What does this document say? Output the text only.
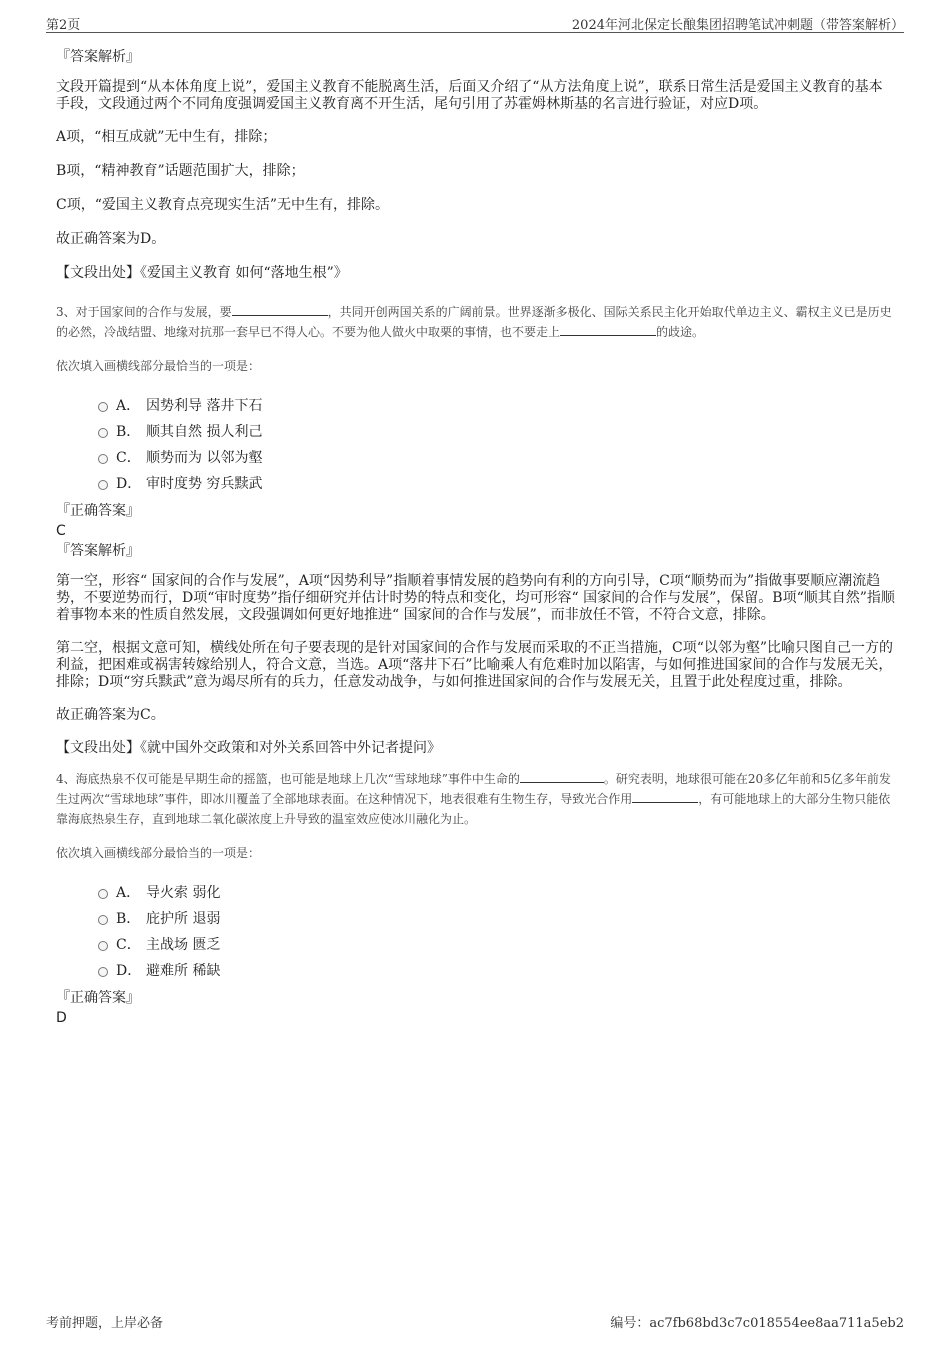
第2页	2024年河北保定长酿集团招聘笔试冲刺题（带答案解析）
『答案解析』

文段开篇提到“从本体角度上说”，爱国主义教育不能脱离生活，后面又介绍了“从方法角度上说”，联系日常生活是爱国主义教育的基本手段，文段通过两个不同角度强调爱国主义教育离不开生活，尾句引用了苏霍姆林斯基的名言进行验证，对应D项。

A项，“相互成就”无中生有，排除；

B项，“精神教育”话题范围扩大，排除；

C项，“爱国主义教育点亮现实生活”无中生有，排除。

故正确答案为D。

【文段出处】《爱国主义教育 如何“落地生根”》

3、对于国家间的合作与发展，要	，共同开创两国关系的广阔前景。世界逐渐多极化、国际关系民主化开始取代单边主义、霸权主义已是历史的必然，冷战结盟、地缘对抗那一套早已不得人心。不要为他人做火中取栗的事情，也不要走上	的歧途。

依次填入画横线部分最恰当的一项是：

A． 因势利导 落井下石
B． 顺其自然 损人利己
C． 顺势而为 以邻为壑
D． 审时度势 穷兵黩武
『正确答案』
C
『答案解析』

第一空，形容“ 国家间的合作与发展”，A项“因势利导”指顺着事情发展的趋势向有利的方向引导，C项“顺势而为”指做事要顺应潮流趋势，不要逆势而行，D项“审时度势”指仔细研究并估计时势的特点和变化，均可形容“ 国家间的合作与发展”，保留。B项“顺其自然”指顺着事物本来的性质自然发展，文段强调如何更好地推进“ 国家间的合作与发展”，而非放任不管，不符合文意，排除。

第二空，根据文意可知，横线处所在句子要表现的是针对国家间的合作与发展而采取的不正当措施，C项“以邻为壑”比喻只图自己一方的利益，把困难或祸害转嫁给别人，符合文意，当选。A项“落井下石”比喻乘人有危难时加以陷害，与如何推进国家间的合作与发展无关，排除；D项“穷兵黩武”意为竭尽所有的兵力，任意发动战争，与如何推进国家间的合作与发展无关，且置于此处程度过重，排除。

故正确答案为C。

【文段出处】《就中国外交政策和对外关系回答中外记者提问》

4、海底热泉不仅可能是早期生命的摇篮，也可能是地球上几次“雪球地球”事件中生命的	。研究表明，地球很可能在20多亿年前和5亿多年前发生过两次“雪球地球”事件，即冰川覆盖了全部地球表面。在这种情况下，地表很难有生物生存，导致光合作用	，有可能地球上的大部分生物只能依靠海底热泉生存，直到地球二氧化碳浓度上升导致的温室效应使冰川融化为止。

依次填入画横线部分最恰当的一项是：

A． 导火索 弱化
B． 庇护所 退弱
C． 主战场 匮乏
D． 避难所 稀缺
『正确答案』
D
考前押题，上岸必备	编号：ac7fb68bd3c7c018554ee8aa711a5eb2
